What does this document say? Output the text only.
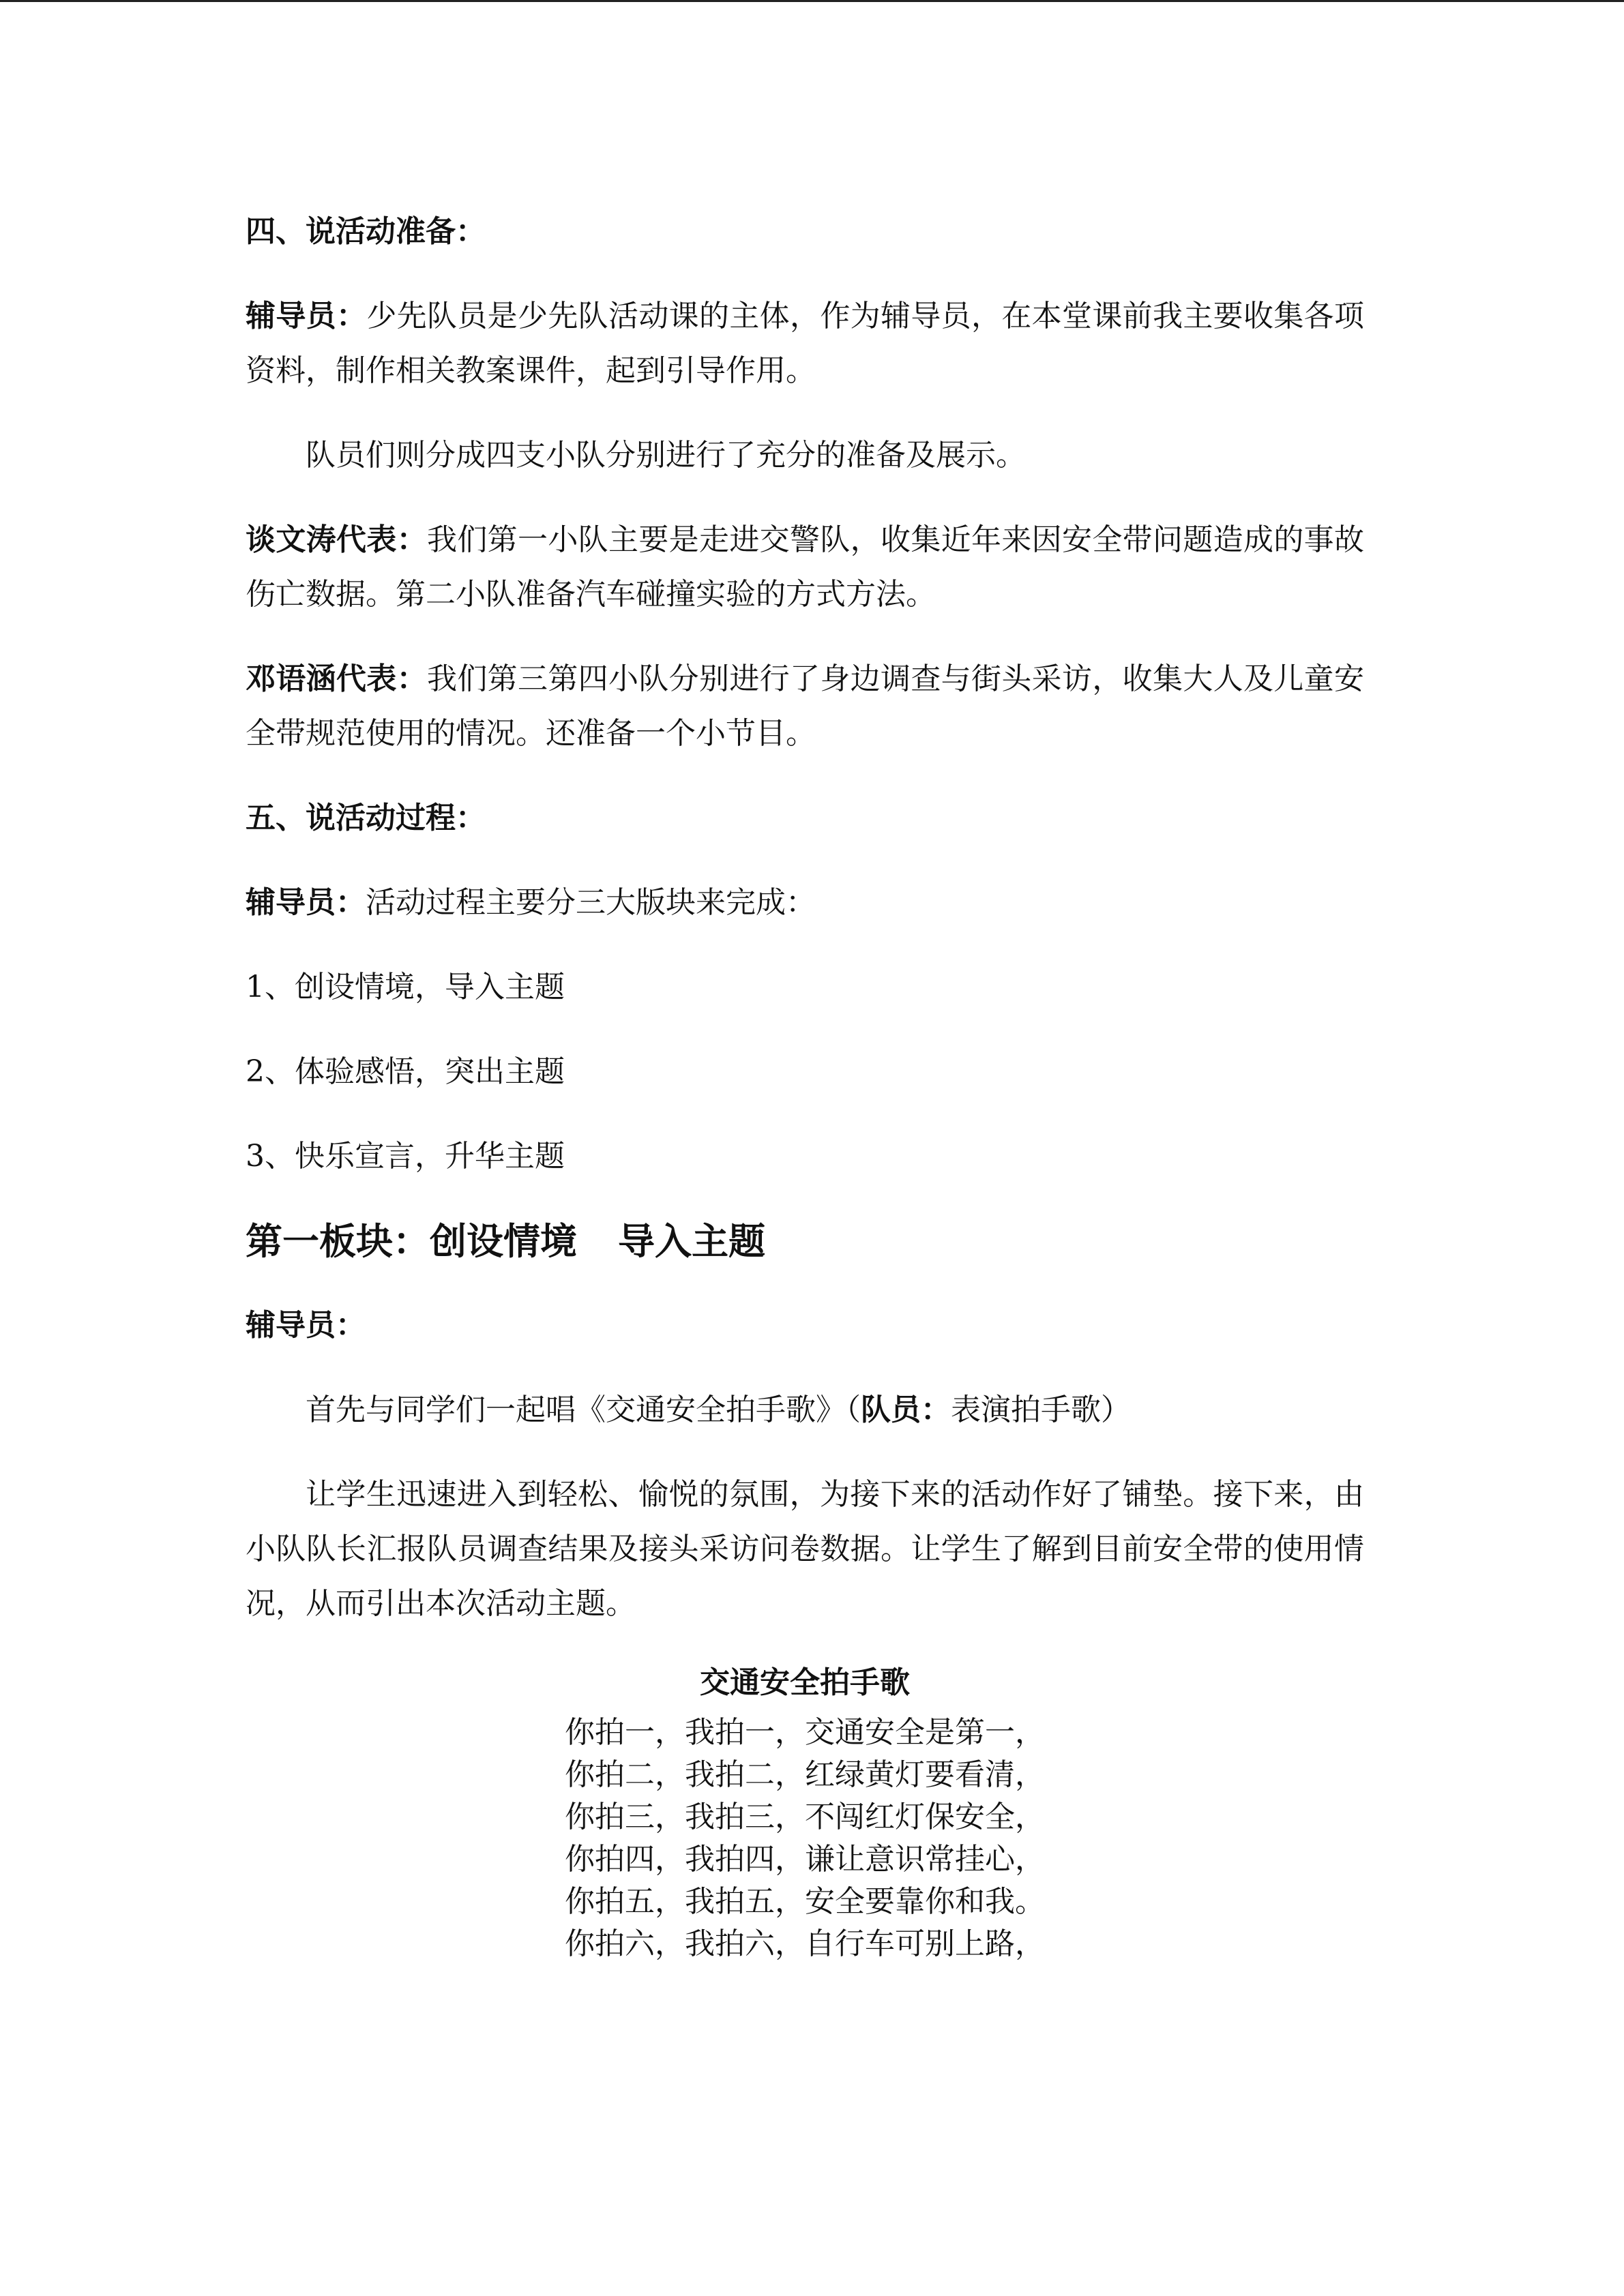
四、说活动准备：

辅导员：少先队员是少先队活动课的主体，作为辅导员，在本堂课前我主要收集各项资料，制作相关教案课件，起到引导作用。

队员们则分成四支小队分别进行了充分的准备及展示。

谈文涛代表：我们第一小队主要是走进交警队，收集近年来因安全带问题造成的事故伤亡数据。第二小队准备汽车碰撞实验的方式方法。

邓语涵代表：我们第三第四小队分别进行了身边调查与街头采访，收集大人及儿童安全带规范使用的情况。还准备一个小节目。

五、说活动过程：

辅导员：活动过程主要分三大版块来完成：

1、创设情境，导入主题
2、体验感悟，突出主题
3、快乐宣言，升华主题
第一板块：创设情境 导入主题
辅导员：

首先与同学们一起唱《交通安全拍手歌》（队员：表演拍手歌）

让学生迅速进入到轻松、愉悦的氛围，为接下来的活动作好了铺垫。接下来，由小队队长汇报队员调查结果及接头采访问卷数据。让学生了解到目前安全带的使用情况，从而引出本次活动主题。

交通安全拍手歌
你拍一，我拍一，交通安全是第一，
你拍二，我拍二，红绿黄灯要看清，
你拍三，我拍三，不闯红灯保安全，
你拍四，我拍四，谦让意识常挂心，
你拍五，我拍五，安全要靠你和我。
你拍六，我拍六，自行车可别上路，
